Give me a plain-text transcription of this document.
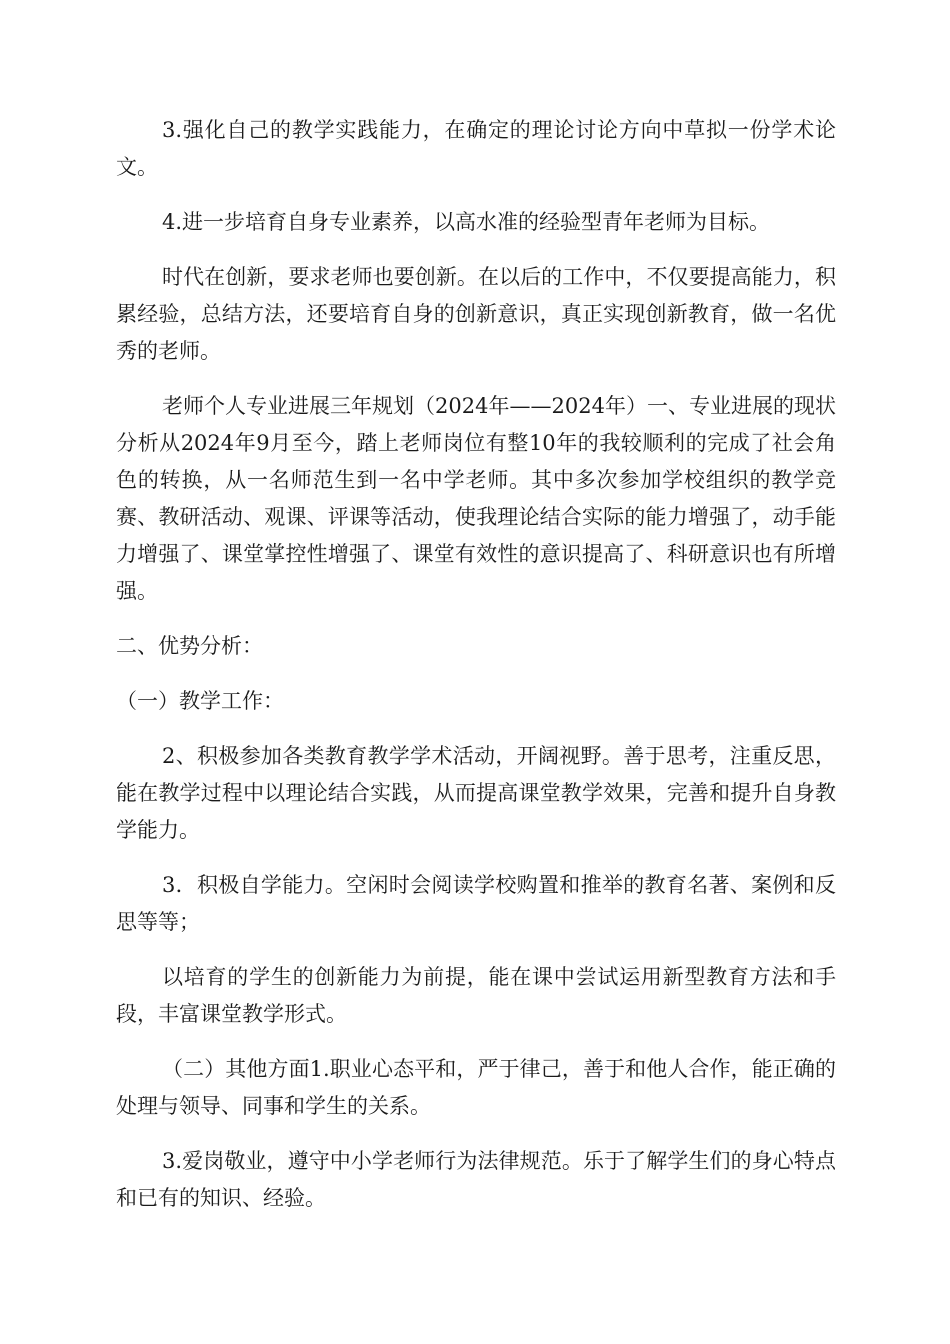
3.强化自己的教学实践能力，在确定的理论讨论方向中草拟一份学术论文。

4.进一步培育自身专业素养，以高水准的经验型青年老师为目标。

时代在创新，要求老师也要创新。在以后的工作中，不仅要提高能力，积累经验，总结方法，还要培育自身的创新意识，真正实现创新教育，做一名优秀的老师。

老师个人专业进展三年规划（2024年——2024年）一、专业进展的现状分析从2024年9月至今，踏上老师岗位有整10年的我较顺利的完成了社会角色的转换，从一名师范生到一名中学老师。其中多次参加学校组织的教学竞赛、教研活动、观课、评课等活动，使我理论结合实际的能力增强了，动手能力增强了、课堂掌控性增强了、课堂有效性的意识提高了、科研意识也有所增强。

二、优势分析：

（一）教学工作：

2、积极参加各类教育教学学术活动，开阔视野。善于思考，注重反思，能在教学过程中以理论结合实践，从而提高课堂教学效果，完善和提升自身教学能力。

3．积极自学能力。空闲时会阅读学校购置和推举的教育名著、案例和反思等等；

以培育的学生的创新能力为前提，能在课中尝试运用新型教育方法和手段，丰富课堂教学形式。

（二）其他方面1.职业心态平和，严于律己，善于和他人合作，能正确的处理与领导、同事和学生的关系。

3.爱岗敬业，遵守中小学老师行为法律规范。乐于了解学生们的身心特点和已有的知识、经验。
